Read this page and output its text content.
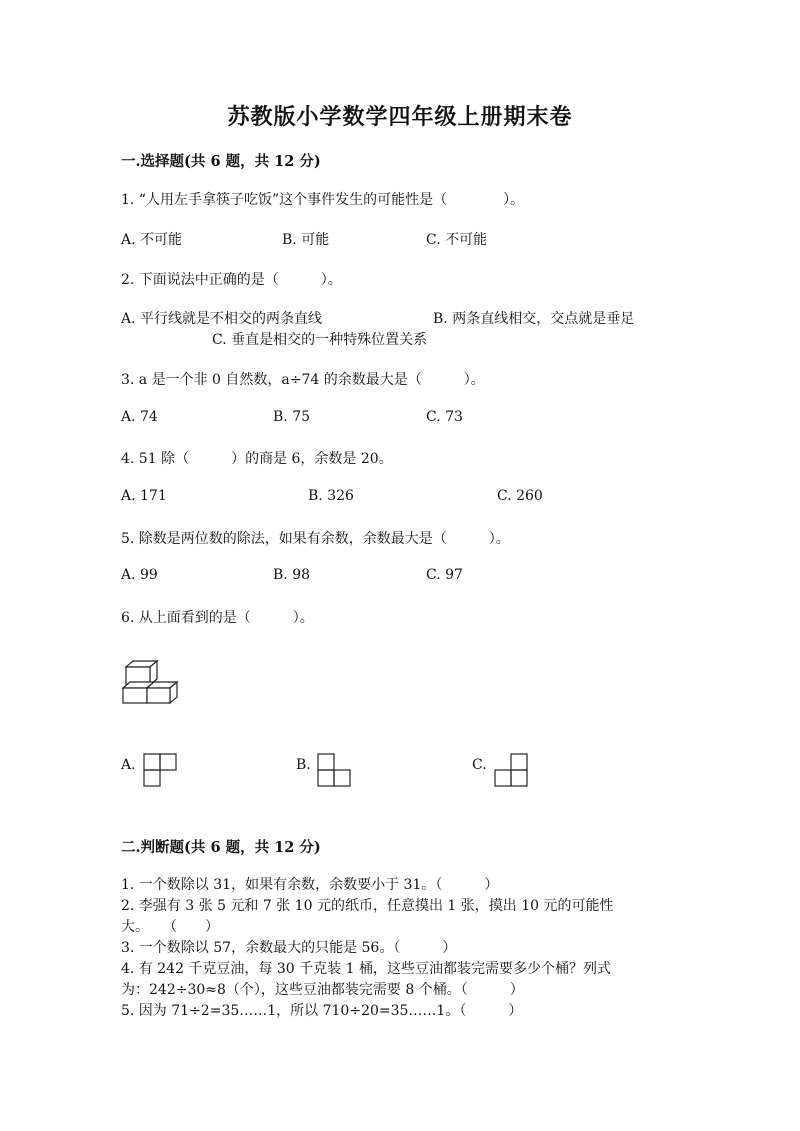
苏教版小学数学四年级上册期末卷
一.选择题(共 6 题，共 12 分)
1. “人用左手拿筷子吃饭”这个事件发生的可能性是（　　　　）。
A. 不可能	B. 可能	C. 不可能
2. 下面说法中正确的是（　　　）。
A. 平行线就是不相交的两条直线	B. 两条直线相交，交点就是垂足
C. 垂直是相交的一种特殊位置关系
3. a 是一个非 0 自然数，a÷74 的余数最大是（　　　）。
A. 74	B. 75	C. 73
4. 51 除（　　　）的商是 6，余数是 20。
A. 171	B. 326	C. 260
5. 除数是两位数的除法，如果有余数，余数最大是（　　　）。
A. 99	B. 98	C. 97
6. 从上面看到的是（　　　）。
A.	B.	C.
二.判断题(共 6 题，共 12 分)
1. 一个数除以 31，如果有余数，余数要小于 31。（　　　）
2. 李强有 3 张 5 元和 7 张 10 元的纸币，任意摸出 1 张，摸出 10 元的可能性
大。　　（　　）
3. 一个数除以 57，余数最大的只能是 56。（　　　）
4. 有 242 千克豆油，每 30 千克装 1 桶，这些豆油都装完需要多少个桶？列式
为：242÷30≈8（个），这些豆油都装完需要 8 个桶。（　　　）
5. 因为 71÷2=35……1，所以 710÷20=35……1。（　　　）
